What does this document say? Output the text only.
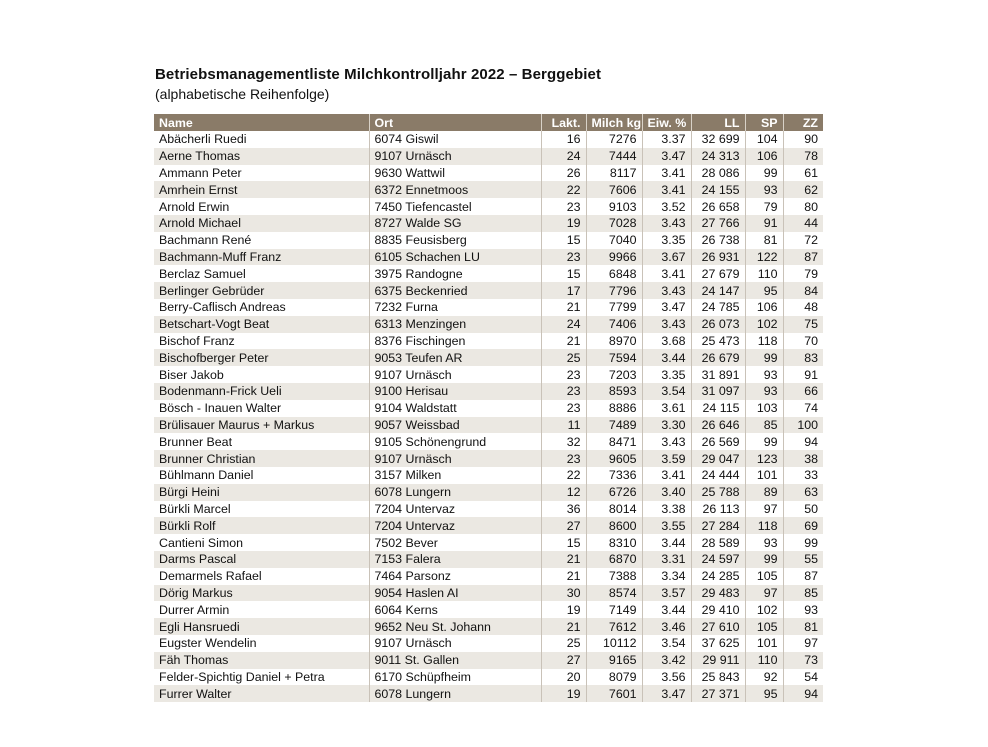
Betriebsmanagementliste Milchkontrolljahr 2022 – Berggebiet
(alphabetische Reihenfolge)
Name	Ort	Lakt.	Milch kg	Eiw. %	LL	SP	ZZ
Abächerli Ruedi	6074 Giswil	16	7276	3.37	32 699	104	90
Aerne Thomas	9107 Urnäsch	24	7444	3.47	24 313	106	78
Ammann Peter	9630 Wattwil	26	8117	3.41	28 086	99	61
Amrhein Ernst	6372 Ennetmoos	22	7606	3.41	24 155	93	62
Arnold Erwin	7450 Tiefencastel	23	9103	3.52	26 658	79	80
Arnold Michael	8727 Walde SG	19	7028	3.43	27 766	91	44
Bachmann René	8835 Feusisberg	15	7040	3.35	26 738	81	72
Bachmann-Muff Franz	6105 Schachen LU	23	9966	3.67	26 931	122	87
Berclaz Samuel	3975 Randogne	15	6848	3.41	27 679	110	79
Berlinger Gebrüder	6375 Beckenried	17	7796	3.43	24 147	95	84
Berry-Caflisch Andreas	7232 Furna	21	7799	3.47	24 785	106	48
Betschart-Vogt Beat	6313 Menzingen	24	7406	3.43	26 073	102	75
Bischof Franz	8376 Fischingen	21	8970	3.68	25 473	118	70
Bischofberger Peter	9053 Teufen AR	25	7594	3.44	26 679	99	83
Biser Jakob	9107 Urnäsch	23	7203	3.35	31 891	93	91
Bodenmann-Frick Ueli	9100 Herisau	23	8593	3.54	31 097	93	66
Bösch - Inauen Walter	9104 Waldstatt	23	8886	3.61	24 115	103	74
Brülisauer Maurus + Markus	9057 Weissbad	11	7489	3.30	26 646	85	100
Brunner Beat	9105 Schönengrund	32	8471	3.43	26 569	99	94
Brunner Christian	9107 Urnäsch	23	9605	3.59	29 047	123	38
Bühlmann Daniel	3157 Milken	22	7336	3.41	24 444	101	33
Bürgi Heini	6078 Lungern	12	6726	3.40	25 788	89	63
Bürkli Marcel	7204 Untervaz	36	8014	3.38	26 113	97	50
Bürkli Rolf	7204 Untervaz	27	8600	3.55	27 284	118	69
Cantieni Simon	7502 Bever	15	8310	3.44	28 589	93	99
Darms Pascal	7153 Falera	21	6870	3.31	24 597	99	55
Demarmels Rafael	7464 Parsonz	21	7388	3.34	24 285	105	87
Dörig Markus	9054 Haslen AI	30	8574	3.57	29 483	97	85
Durrer Armin	6064 Kerns	19	7149	3.44	29 410	102	93
Egli Hansruedi	9652 Neu St. Johann	21	7612	3.46	27 610	105	81
Eugster Wendelin	9107 Urnäsch	25	10112	3.54	37 625	101	97
Fäh Thomas	9011 St. Gallen	27	9165	3.42	29 911	110	73
Felder-Spichtig Daniel + Petra	6170 Schüpfheim	20	8079	3.56	25 843	92	54
Furrer Walter	6078 Lungern	19	7601	3.47	27 371	95	94
